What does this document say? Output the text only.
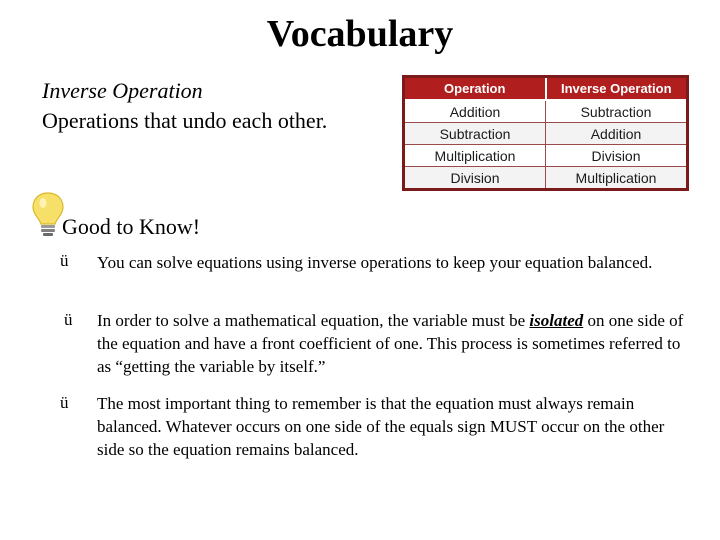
Vocabulary
Inverse Operation
Operations that undo each other.
Operation	Inverse Operation
Addition	Subtraction
Subtraction	Addition
Multiplication	Division
Division	Multiplication
Good to Know!
ü You can solve equations using inverse operations to keep your equation balanced.
ü In order to solve a mathematical equation, the variable must be isolated on one side of the equation and have a front coefficient of one. This process is sometimes referred to as “getting the variable by itself.”
ü The most important thing to remember is that the equation must always remain balanced. Whatever occurs on one side of the equals sign MUST occur on the other side so the equation remains balanced.
